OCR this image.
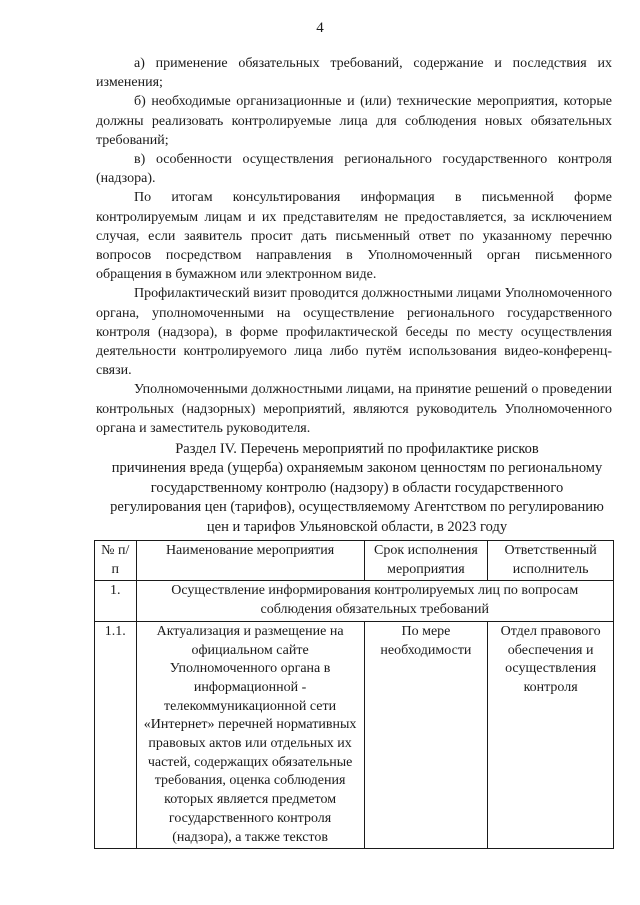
4

а) применение обязательных требований, содержание и последствия их изменения;

б) необходимые организационные и (или) технические мероприятия, которые должны реализовать контролируемые лица для соблюдения новых обязательных требований;

в) особенности осуществления регионального государственного контроля (надзора).

По итогам консультирования информация в письменной форме контролируемым лицам и их представителям не предоставляется, за исключением случая, если заявитель просит дать письменный ответ по указанному перечню вопросов посредством направления в Уполномоченный орган письменного обращения в бумажном или электронном виде.

Профилактический визит проводится должностными лицами Уполномоченного органа, уполномоченными на осуществление регионального государственного контроля (надзора), в форме профилактической беседы по месту осуществления деятельности контролируемого лица либо путём использования видео-конференц-связи.

Уполномоченными должностными лицами, на принятие решений о проведении контрольных (надзорных) мероприятий, являются руководитель Уполномоченного органа и заместитель руководителя.

Раздел IV. Перечень мероприятий по профилактике рисков
причинения вреда (ущерба) охраняемым законом ценностям по региональному
государственному контролю (надзору) в области государственного
регулирования цен (тарифов), осуществляемому Агентством по регулированию
цен и тарифов Ульяновской области, в 2023 году
№ п/п	Наименование мероприятия	Срок исполнения мероприятия	Ответственный исполнитель
1.	Осуществление информирования контролируемых лиц по вопросам соблюдения обязательных требований		
1.1.	Актуализация и размещение на официальном сайте Уполномоченного органа в информационной - телекоммуникационной сети «Интернет» перечней нормативных правовых актов или отдельных их частей, содержащих обязательные требования, оценка соблюдения которых является предметом государственного контроля (надзора), а также текстов	По мере необходимости	Отдел правового обеспечения и осуществления контроля
